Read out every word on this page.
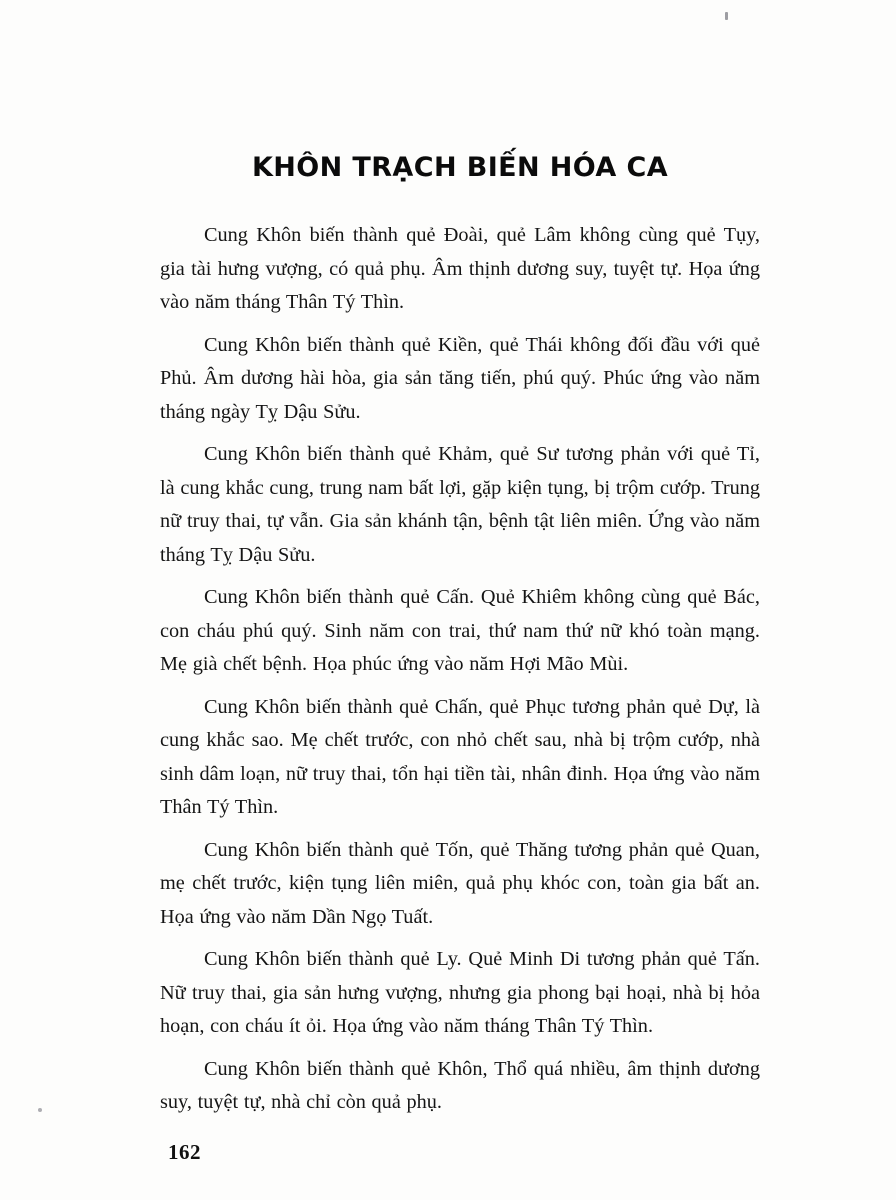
KHÔN TRẠCH BIẾN HÓA CA

Cung Khôn biến thành quẻ Đoài, quẻ Lâm không cùng quẻ Tụy, gia tài hưng vượng, có quả phụ. Âm thịnh dương suy, tuyệt tự. Họa ứng vào năm tháng Thân Tý Thìn.

Cung Khôn biến thành quẻ Kiền, quẻ Thái không đối đầu với quẻ Phủ. Âm dương hài hòa, gia sản tăng tiến, phú quý. Phúc ứng vào năm tháng ngày Tỵ Dậu Sửu.

Cung Khôn biến thành quẻ Khảm, quẻ Sư tương phản với quẻ Tỉ, là cung khắc cung, trung nam bất lợi, gặp kiện tụng, bị trộm cướp. Trung nữ truy thai, tự vẫn. Gia sản khánh tận, bệnh tật liên miên. Ứng vào năm tháng Tỵ Dậu Sửu.

Cung Khôn biến thành quẻ Cấn. Quẻ Khiêm không cùng quẻ Bác, con cháu phú quý. Sinh năm con trai, thứ nam thứ nữ khó toàn mạng. Mẹ già chết bệnh. Họa phúc ứng vào năm Hợi Mão Mùi.

Cung Khôn biến thành quẻ Chấn, quẻ Phục tương phản quẻ Dự, là cung khắc sao. Mẹ chết trước, con nhỏ chết sau, nhà bị trộm cướp, nhà sinh dâm loạn, nữ truy thai, tổn hại tiền tài, nhân đinh. Họa ứng vào năm Thân Tý Thìn.

Cung Khôn biến thành quẻ Tốn, quẻ Thăng tương phản quẻ Quan, mẹ chết trước, kiện tụng liên miên, quả phụ khóc con, toàn gia bất an. Họa ứng vào năm Dần Ngọ Tuất.

Cung Khôn biến thành quẻ Ly. Quẻ Minh Di tương phản quẻ Tấn. Nữ truy thai, gia sản hưng vượng, nhưng gia phong bại hoại, nhà bị hỏa hoạn, con cháu ít ỏi. Họa ứng vào năm tháng Thân Tý Thìn.

Cung Khôn biến thành quẻ Khôn, Thổ quá nhiều, âm thịnh dương suy, tuyệt tự, nhà chỉ còn quả phụ.

162
